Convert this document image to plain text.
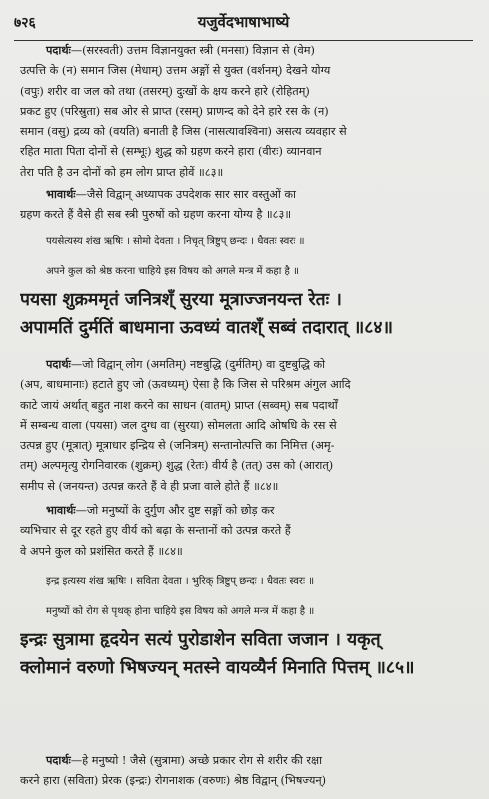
७२६	यजुर्वेदभाषाभाष्ये
पदार्थः—(सरस्वती) उत्तम विज्ञानयुक्त स्त्री (मनसा) विज्ञान से (वेम)
उत्पत्ति के (न) समान जिस (मेधाम्) उत्तम अङ्गों से युक्त (वर्शनम्) देखने योग्य
(वपुः) शरीर वा जल को तथा (तसरम्) दुःखों के क्षय करने हारे (रोहितम्)
प्रकट हुए (परिस्रुता) सब ओर से प्राप्त (रसम्) प्राणन्द को देने हारे रस के (न)
समान (वसु) द्रव्य को (वयति) बनाती है जिस (नासत्यावश्विना) असत्य व्यवहार से
रहित माता पिता दोनों से (सम्भूः) शुद्ध को ग्रहण करने हारा (वीरः) व्यानवान
तेरा पति है उन दोनों को हम लोग प्राप्त होवें ॥८३॥
भावार्थः—जैसे विद्वान् अध्यापक उपदेशक सार सार वस्तुओं का
ग्रहण करते हैं वैसे ही सब स्त्री पुरुषों को ग्रहण करना योग्य है ॥८३॥
पयसेत्यस्य शंख ऋषिः । सोमो देवता । निचृत् त्रिष्टुप् छन्दः । धैवतः स्वरः ॥
अपने कुल को श्रेष्ठ करना चाहिये इस विषय को अगले मन्त्र में कहा है ॥
पयसा शुक्रममृतं जनित्रश्ँ सुरया मूत्राज्जनयन्त रेतः ।
अपामतिं दुर्मतिं बाधमाना ऊवध्यं वातश्ँ सब्वं तदारात् ॥८४॥
पदार्थः—जो विद्वान् लोग (अमतिम्) नष्टबुद्धि (दुर्मतिम्) वा दुष्टबुद्धि को
(अप, बाधमानाः) हटाते हुए जो (ऊवध्यम्) ऐसा है कि जिस से परिश्रम अंगुल आदि
काटे जायं अर्थात् बहुत नाश करने का साधन (वातम्) प्राप्त (सब्वम्) सब पदार्थों
में सम्बन्ध वाला (पयसा) जल दुग्ध वा (सुरया) सोमलता आदि ओषधि के रस से
उत्पन्न हुए (मूत्रात्) मूत्राधार इन्द्रिय से (जनित्रम्) सन्तानोत्पत्ति का निमित्त (अमृ-
तम्) अल्पमृत्यु रोगनिवारक (शुक्रम्) शुद्ध (रेतः) वीर्य है (तत्) उस को (आरात्)
समीप से (जनयन्त) उत्पन्न करते हैं वे ही प्रजा वाले होते हैं ॥८४॥
भावार्थः—जो मनुष्यों के दुर्गुण और दुष्ट सङ्गों को छोड़ कर
व्यभिचार से दूर रहते हुए वीर्य को बढ़ा के सन्तानों को उत्पन्न करते हैं
वे अपने कुल को प्रशंसित करते हैं ॥८४॥
इन्द्र इत्यस्य शंख ऋषिः । सविता देवता । भुरिक् त्रिष्टुप् छन्दः । धैवतः स्वरः ॥
मनुष्यों को रोग से पृथक् होना चाहिये इस विषय को अगले मन्त्र में कहा है ॥
इन्द्रः सुत्रामा हृदयेन सत्यं पुरोडाशेन सविता जजान । यकृत्
क्लोमानं वरुणो भिषज्यन् मतस्ने वायव्यैर्न मिनाति पित्तम् ॥८५॥
पदार्थः—हे मनुष्यो ! जैसे (सुत्रामा) अच्छे प्रकार रोग से शरीर की रक्षा
करने हारा (सविता) प्रेरक (इन्द्रः) रोगनाशक (वरुणः) श्रेष्ठ विद्वान् (भिषज्यन्)
